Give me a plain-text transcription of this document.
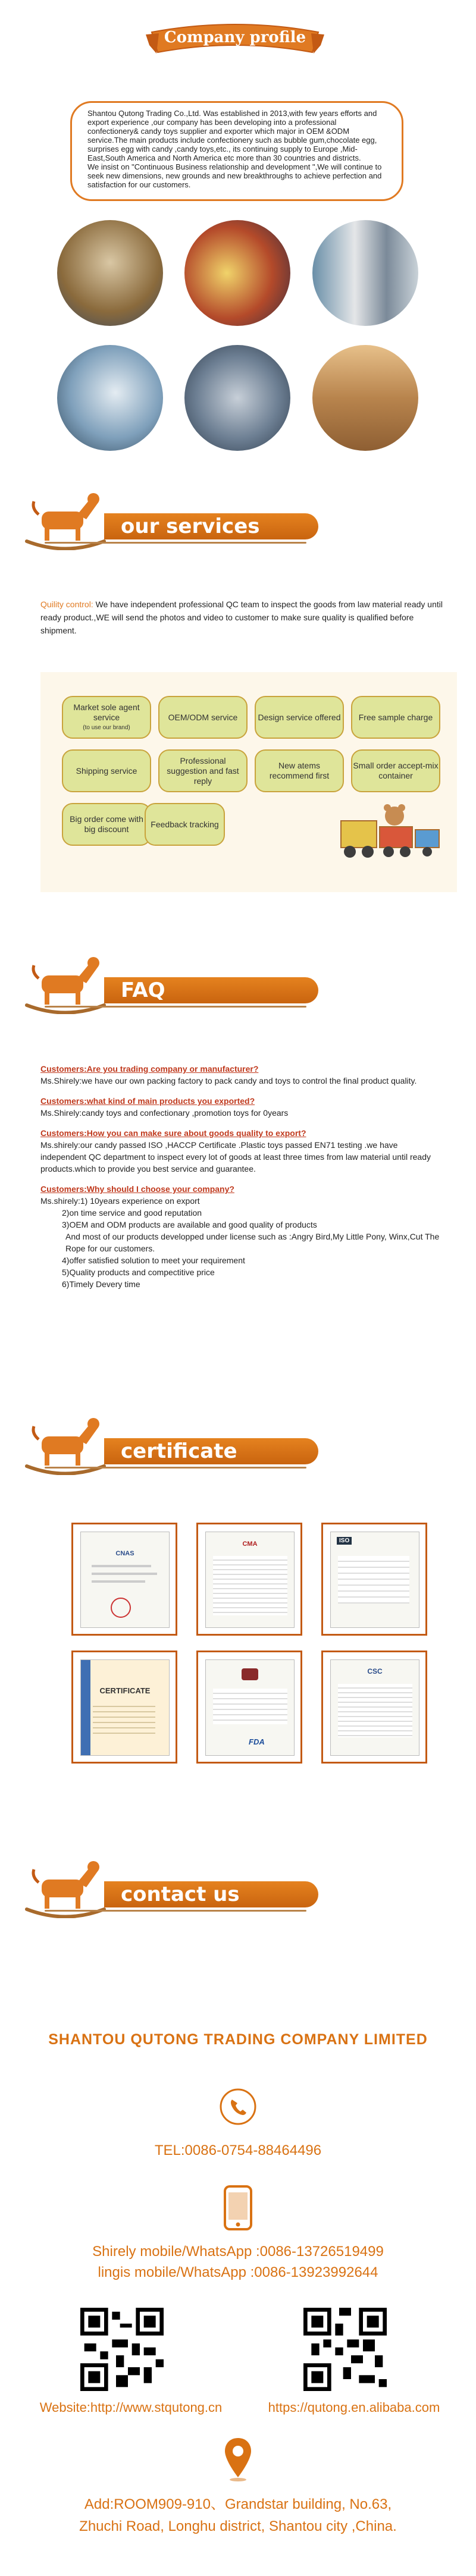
Company profile
Shantou Qutong Trading Co.,Ltd. Was established in 2013,with few years efforts and export experience ,our company has been developing into a professional confectionery& candy toys supplier and exporter which major in OEM &ODM service.The main products include confectionery such as bubble gum,chocolate egg, surprises egg with candy ,candy toys,etc., its continuing supply to Europe ,Mid-East,South America and North America etc more than 30 countries and districts.
We insist on "Continuous Business relationship and development ",We will continue to seek new dimensions, new grounds and new breakthroughs to achieve perfection and satisfaction for our customers.
our services
Quility control: We have independent professional QC team to inspect the goods from law material ready until ready product.,WE will send the photos and video to customer to make sure quality is qualified before shipment.
Market sole agent service
(to use our brand)
OEM/ODM service Design service offered Free sample charge
Shipping service
Professional suggestion and fast reply
New atems recommend first
Small order accept-mix container
Big order come with big discount
Feedback tracking
FAQ
Customers:Are you trading company or manufacturer?
Ms.Shirely:we have our own packing factory to pack candy and toys to control the final product quality.
Customers:what kind of main products you exported?
Ms.Shirely:candy toys and confectionary ,promotion toys for 0years
Customers:How you can make sure about goods quality to export?
Ms.shirely:our candy passed ISO ,HACCP Certificate .Plastic toys passed EN71 testing .we have independent QC department to inspect every lot of goods at least three times from law material until ready products.which to provide you best service and guarantee.
Customers:Why should I choose your company?
Ms.shirely:1) 10years experience on export
2)on time service and good reputation
3)OEM and ODM products are available and good quality of products
And most of our products developped under license such as :Angry Bird,My Little Pony, Winx,Cut The Rope for our customers.
4)offer satisfied solution to meet your requirement
5)Quality products and compectitive price
6)Timely Devery time
certificate
CNAS
CMA	ISO
CERTIFICATE
FDA
CSC
contact us
SHANTOU QUTONG TRADING COMPANY LIMITED
TEL:0086-0754-88464496
Shirely mobile/WhatsApp :0086-13726519499
lingis mobile/WhatsApp :0086-13923992644
Website:http://www.stqutong.cn	https://qutong.en.alibaba.com
Add:ROOM909-910、Grandstar building, No.63,
Zhuchi Road, Longhu district, Shantou city ,China.
